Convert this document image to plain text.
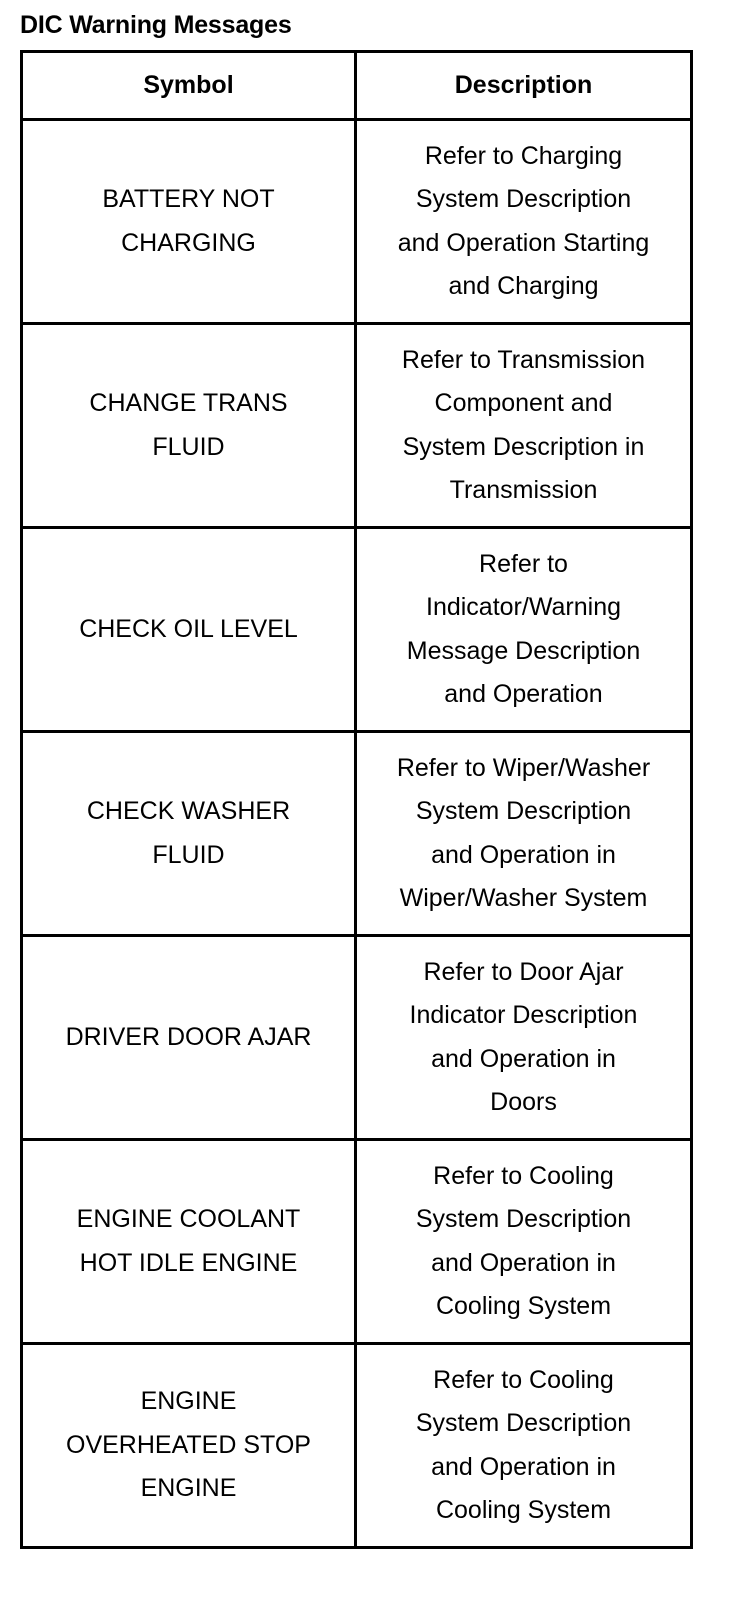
DIC Warning Messages
Symbol	Description

BATTERY NOT
CHARGING	Refer to Charging
System Description
and Operation Starting
and Charging

CHANGE TRANS
FLUID	Refer to Transmission
Component and
System Description in
Transmission

CHECK OIL LEVEL	Refer to
Indicator/Warning
Message Description
and Operation

CHECK WASHER
FLUID	Refer to Wiper/Washer
System Description
and Operation in
Wiper/Washer System

DRIVER DOOR AJAR	Refer to Door Ajar
Indicator Description
and Operation in
Doors

ENGINE COOLANT
HOT IDLE ENGINE	Refer to Cooling
System Description
and Operation in
Cooling System

ENGINE
OVERHEATED STOP
ENGINE	Refer to Cooling
System Description
and Operation in
Cooling System
